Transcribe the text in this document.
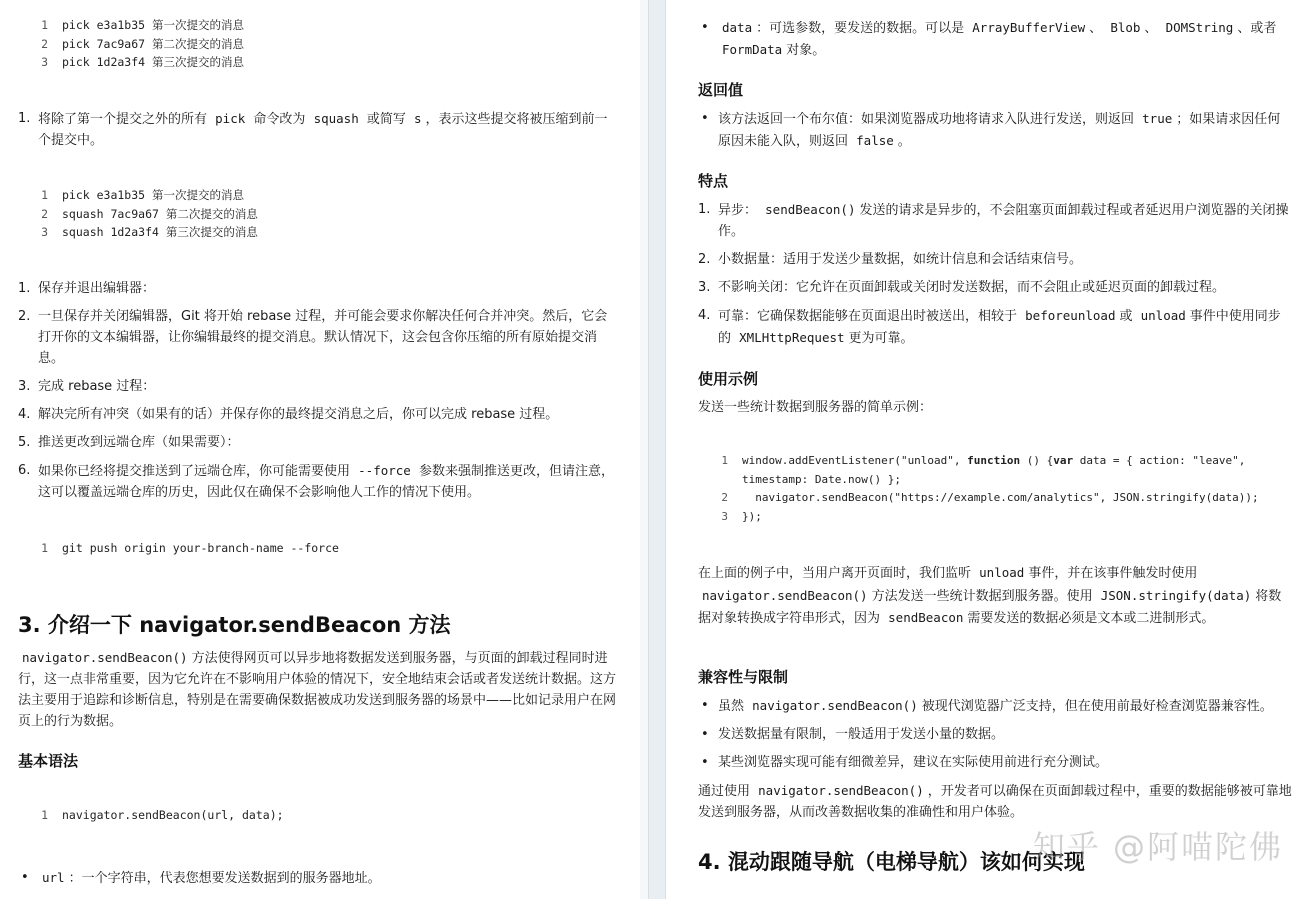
1 pick e3a1b35 第一次提交的消息
2 pick 7ac9a67 第二次提交的消息
3 pick 1d2a3f4 第三次提交的消息
1. 将除了第一个提交之外的所有 pick 命令改为 squash 或简写 s ，表示这些提交将被压缩到前一个提交中。
1 pick e3a1b35 第一次提交的消息
2 squash 7ac9a67 第二次提交的消息
3 squash 1d2a3f4 第三次提交的消息
1. 保存并退出编辑器：
2. 一旦保存并关闭编辑器，Git 将开始 rebase 过程，并可能会要求你解决任何合并冲突。然后，它会打开你的文本编辑器，让你编辑最终的提交消息。默认情况下，这会包含你压缩的所有原始提交消息。
3. 完成 rebase 过程：
4. 解决完所有冲突（如果有的话）并保存你的最终提交消息之后，你可以完成 rebase 过程。
5. 推送更改到远端仓库（如果需要）：
6. 如果你已经将提交推送到了远端仓库，你可能需要使用 --force 参数来强制推送更改，但请注意，这可以覆盖远端仓库的历史，因此仅在确保不会影响他人工作的情况下使用。
1 git push origin your-branch-name --force
3. 介绍一下 navigator.sendBeacon 方法
navigator.sendBeacon() 方法使得网页可以异步地将数据发送到服务器，与页面的卸载过程同时进行，这一点非常重要，因为它允许在不影响用户体验的情况下，安全地结束会话或者发送统计数据。这方法主要用于追踪和诊断信息，特别是在需要确保数据被成功发送到服务器的场景中——比如记录用户在网页上的行为数据。
基本语法
1 navigator.sendBeacon(url, data);
• url ：一个字符串，代表您想要发送数据到的服务器地址。
• data ：可选参数，要发送的数据。可以是 ArrayBufferView 、 Blob 、 DOMString 、或者 FormData 对象。
返回值
• 该方法返回一个布尔值：如果浏览器成功地将请求入队进行发送，则返回 true ；如果请求因任何原因未能入队，则返回 false 。
特点
1. 异步： sendBeacon() 发送的请求是异步的，不会阻塞页面卸载过程或者延迟用户浏览器的关闭操作。
2. 小数据量：适用于发送少量数据，如统计信息和会话结束信号。
3. 不影响关闭：它允许在页面卸载或关闭时发送数据，而不会阻止或延迟页面的卸载过程。
4. 可靠：它确保数据能够在页面退出时被送出，相较于 beforeunload 或 unload 事件中使用同步的 XMLHttpRequest 更为可靠。
使用示例
发送一些统计数据到服务器的简单示例：
1 window.addEventListener("unload", function () {var data = { action: "leave",
timestamp: Date.now() };
2 navigator.sendBeacon("https://example.com/analytics", JSON.stringify(data));
3 });
在上面的例子中，当用户离开页面时，我们监听 unload 事件，并在该事件触发时使用 navigator.sendBeacon() 方法发送一些统计数据到服务器。使用 JSON.stringify(data) 将数据对象转换成字符串形式，因为 sendBeacon 需要发送的数据必须是文本或二进制形式。
兼容性与限制
• 虽然 navigator.sendBeacon() 被现代浏览器广泛支持，但在使用前最好检查浏览器兼容性。
• 发送数据量有限制，一般适用于发送小量的数据。
• 某些浏览器实现可能有细微差异，建议在实际使用前进行充分测试。
通过使用 navigator.sendBeacon() ，开发者可以确保在页面卸载过程中，重要的数据能够被可靠地发送到服务器，从而改善数据收集的准确性和用户体验。
4. 混动跟随导航（电梯导航）该如何实现
知乎 @阿喵陀佛
